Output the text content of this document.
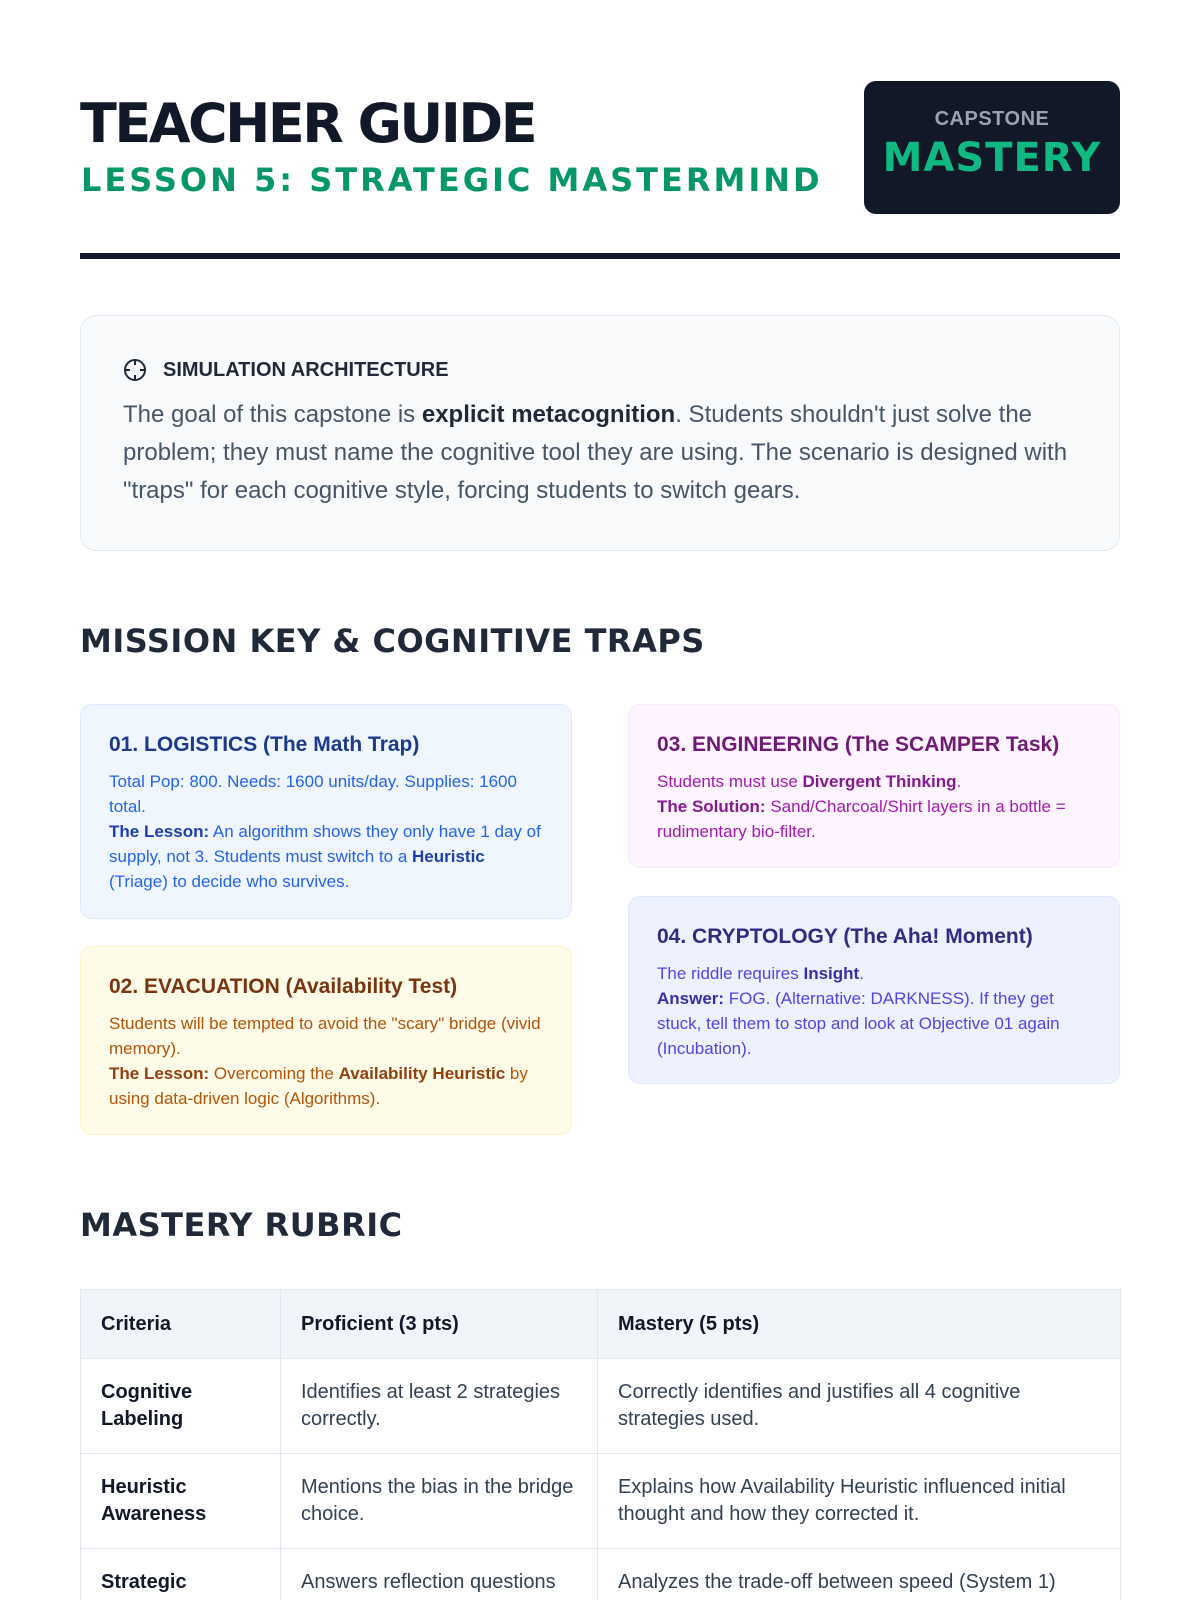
TEACHER GUIDE
LESSON 5: STRATEGIC MASTERMIND
CAPSTONE
MASTERY
SIMULATION ARCHITECTURE
The goal of this capstone is explicit metacognition. Students shouldn't just solve the problem; they must name the cognitive tool they are using. The scenario is designed with "traps" for each cognitive style, forcing students to switch gears.
MISSION KEY & COGNITIVE TRAPS
01. LOGISTICS (The Math Trap)

Total Pop: 800. Needs: 1600 units/day. Supplies: 1600 total.
The Lesson: An algorithm shows they only have 1 day of supply, not 3. Students must switch to a Heuristic (Triage) to decide who survives.

02. EVACUATION (Availability Test)

Students will be tempted to avoid the "scary" bridge (vivid memory).
The Lesson: Overcoming the Availability Heuristic by using data-driven logic (Algorithms).

03. ENGINEERING (The SCAMPER Task)

Students must use Divergent Thinking.
The Solution: Sand/Charcoal/Shirt layers in a bottle = rudimentary bio-filter.

04. CRYPTOLOGY (The Aha! Moment)

The riddle requires Insight.
Answer: FOG. (Alternative: DARKNESS). If they get stuck, tell them to stop and look at Objective 01 again (Incubation).

MASTERY RUBRIC
Criteria	Proficient (3 pts)	Mastery (5 pts)
Cognitive Labeling	Identifies at least 2 strategies correctly.	Correctly identifies and justifies all 4 cognitive strategies used.
Heuristic Awareness	Mentions the bias in the bridge choice.	Explains how Availability Heuristic influenced initial thought and how they corrected it.
Strategic	Answers reflection questions	Analyzes the trade-off between speed (System 1)
